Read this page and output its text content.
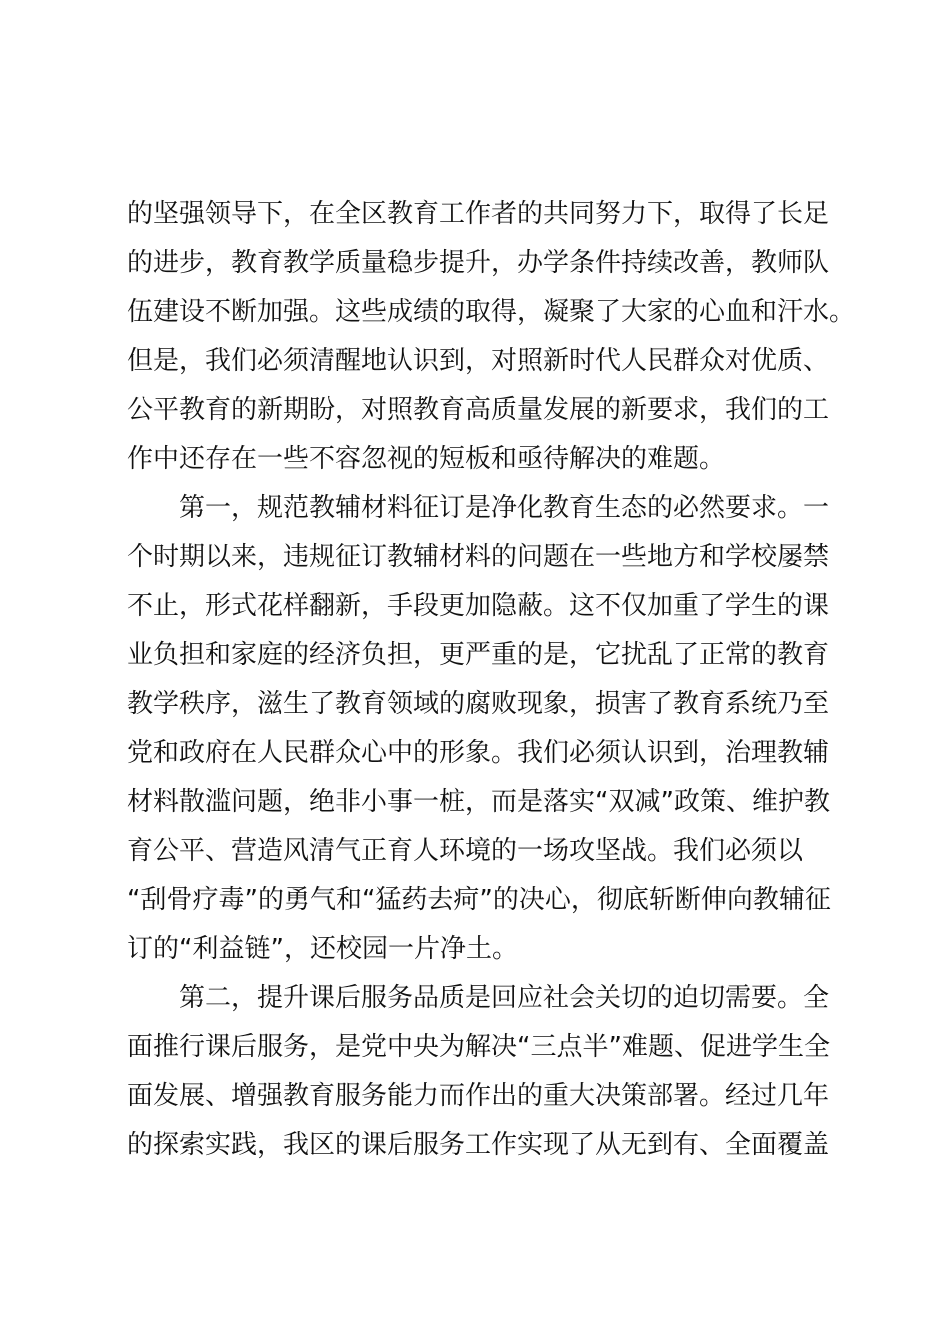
的坚强领导下，在全区教育工作者的共同努力下，取得了长足
的进步，教育教学质量稳步提升，办学条件持续改善，教师队
伍建设不断加强。这些成绩的取得，凝聚了大家的心血和汗水。
但是，我们必须清醒地认识到，对照新时代人民群众对优质、
公平教育的新期盼，对照教育高质量发展的新要求，我们的工
作中还存在一些不容忽视的短板和亟待解决的难题。
第一，规范教辅材料征订是净化教育生态的必然要求。一
个时期以来，违规征订教辅材料的问题在一些地方和学校屡禁
不止，形式花样翻新，手段更加隐蔽。这不仅加重了学生的课
业负担和家庭的经济负担，更严重的是，它扰乱了正常的教育
教学秩序，滋生了教育领域的腐败现象，损害了教育系统乃至
党和政府在人民群众心中的形象。我们必须认识到，治理教辅
材料散滥问题，绝非小事一桩，而是落实“双减”政策、维护教
育公平、营造风清气正育人环境的一场攻坚战。我们必须以
“刮骨疗毒”的勇气和“猛药去疴”的决心，彻底斩断伸向教辅征
订的“利益链”，还校园一片净土。
第二，提升课后服务品质是回应社会关切的迫切需要。全
面推行课后服务，是党中央为解决“三点半”难题、促进学生全
面发展、增强教育服务能力而作出的重大决策部署。经过几年
的探索实践，我区的课后服务工作实现了从无到有、全面覆盖
